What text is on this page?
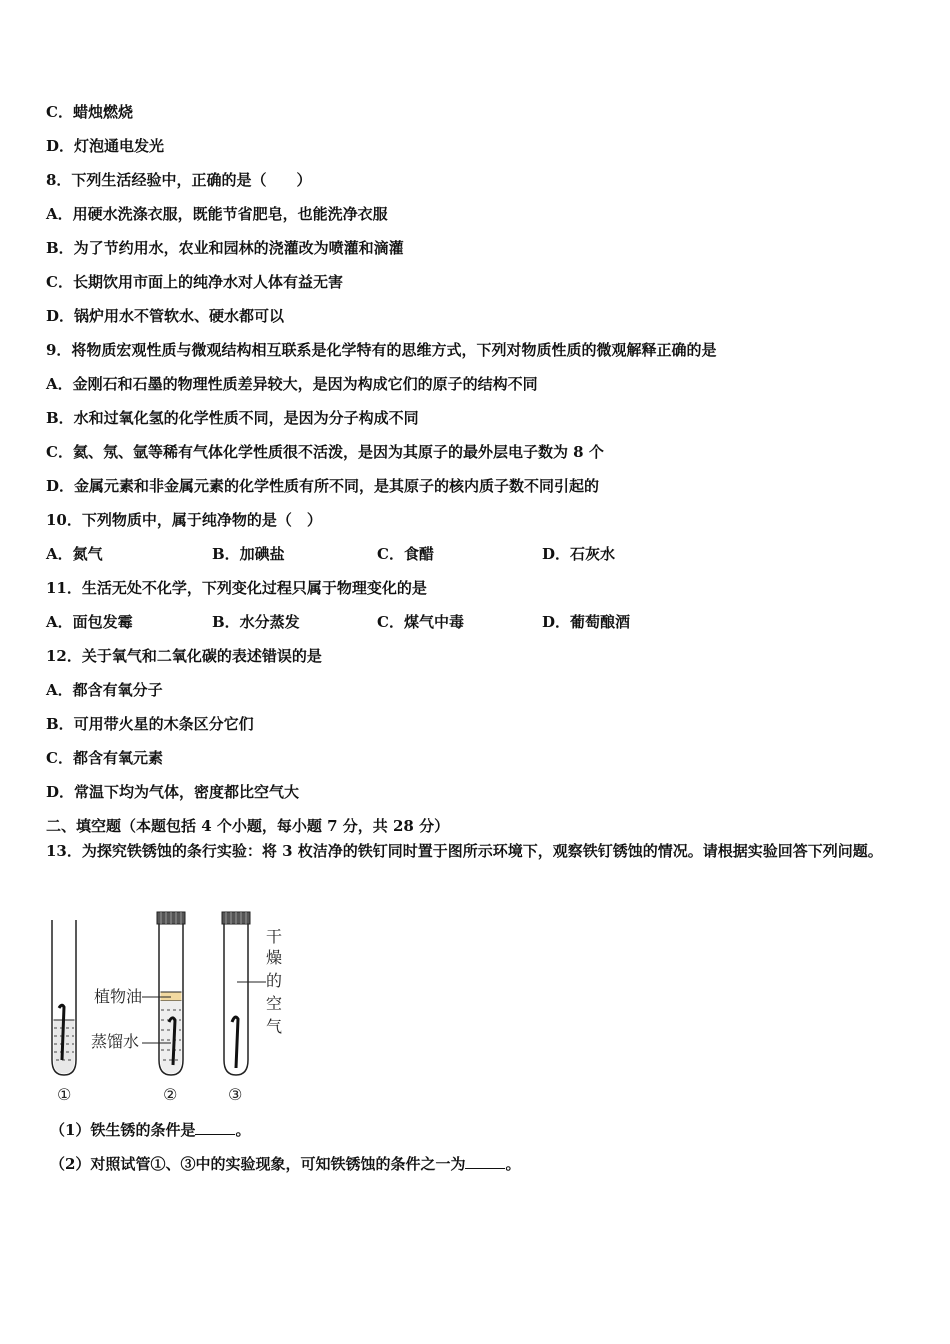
C．蜡烛燃烧
D．灯泡通电发光
8．下列生活经验中，正确的是（　　）
A．用硬水洗涤衣服，既能节省肥皂，也能洗净衣服
B．为了节约用水，农业和园林的浇灌改为喷灌和滴灌
C．长期饮用市面上的纯净水对人体有益无害
D．锅炉用水不管软水、硬水都可以
9．将物质宏观性质与微观结构相互联系是化学特有的思维方式，下列对物质性质的微观解释正确的是
A．金刚石和石墨的物理性质差异较大，是因为构成它们的原子的结构不同
B．水和过氧化氢的化学性质不同，是因为分子构成不同
C．氦、氖、氩等稀有气体化学性质很不活泼，是因为其原子的最外层电子数为 8 个
D．金属元素和非金属元素的化学性质有所不同，是其原子的核内质子数不同引起的
10．下列物质中，属于纯净物的是（　）
A．氮气	B．加碘盐	C．食醋	D．石灰水
11．生活无处不化学，下列变化过程只属于物理变化的是
A．面包发霉	B．水分蒸发	C．煤气中毒	D．葡萄酿酒
12．关于氧气和二氧化碳的表述错误的是
A．都含有氧分子
B．可用带火星的木条区分它们
C．都含有氧元素
D．常温下均为气体，密度都比空气大
二、填空题（本题包括 4 个小题，每小题 7 分，共 28 分）
13．为探究铁锈蚀的条行实验：将 3 枚洁净的铁钉同时置于图所示环境下，观察铁钉锈蚀的情况。请根据实验回答下列问题。
植物油
蒸馏水
干
燥
的
空
气
①	②	③
（1）铁生锈的条件是	。
（2）对照试管①、③中的实验现象，可知铁锈蚀的条件之一为	。
